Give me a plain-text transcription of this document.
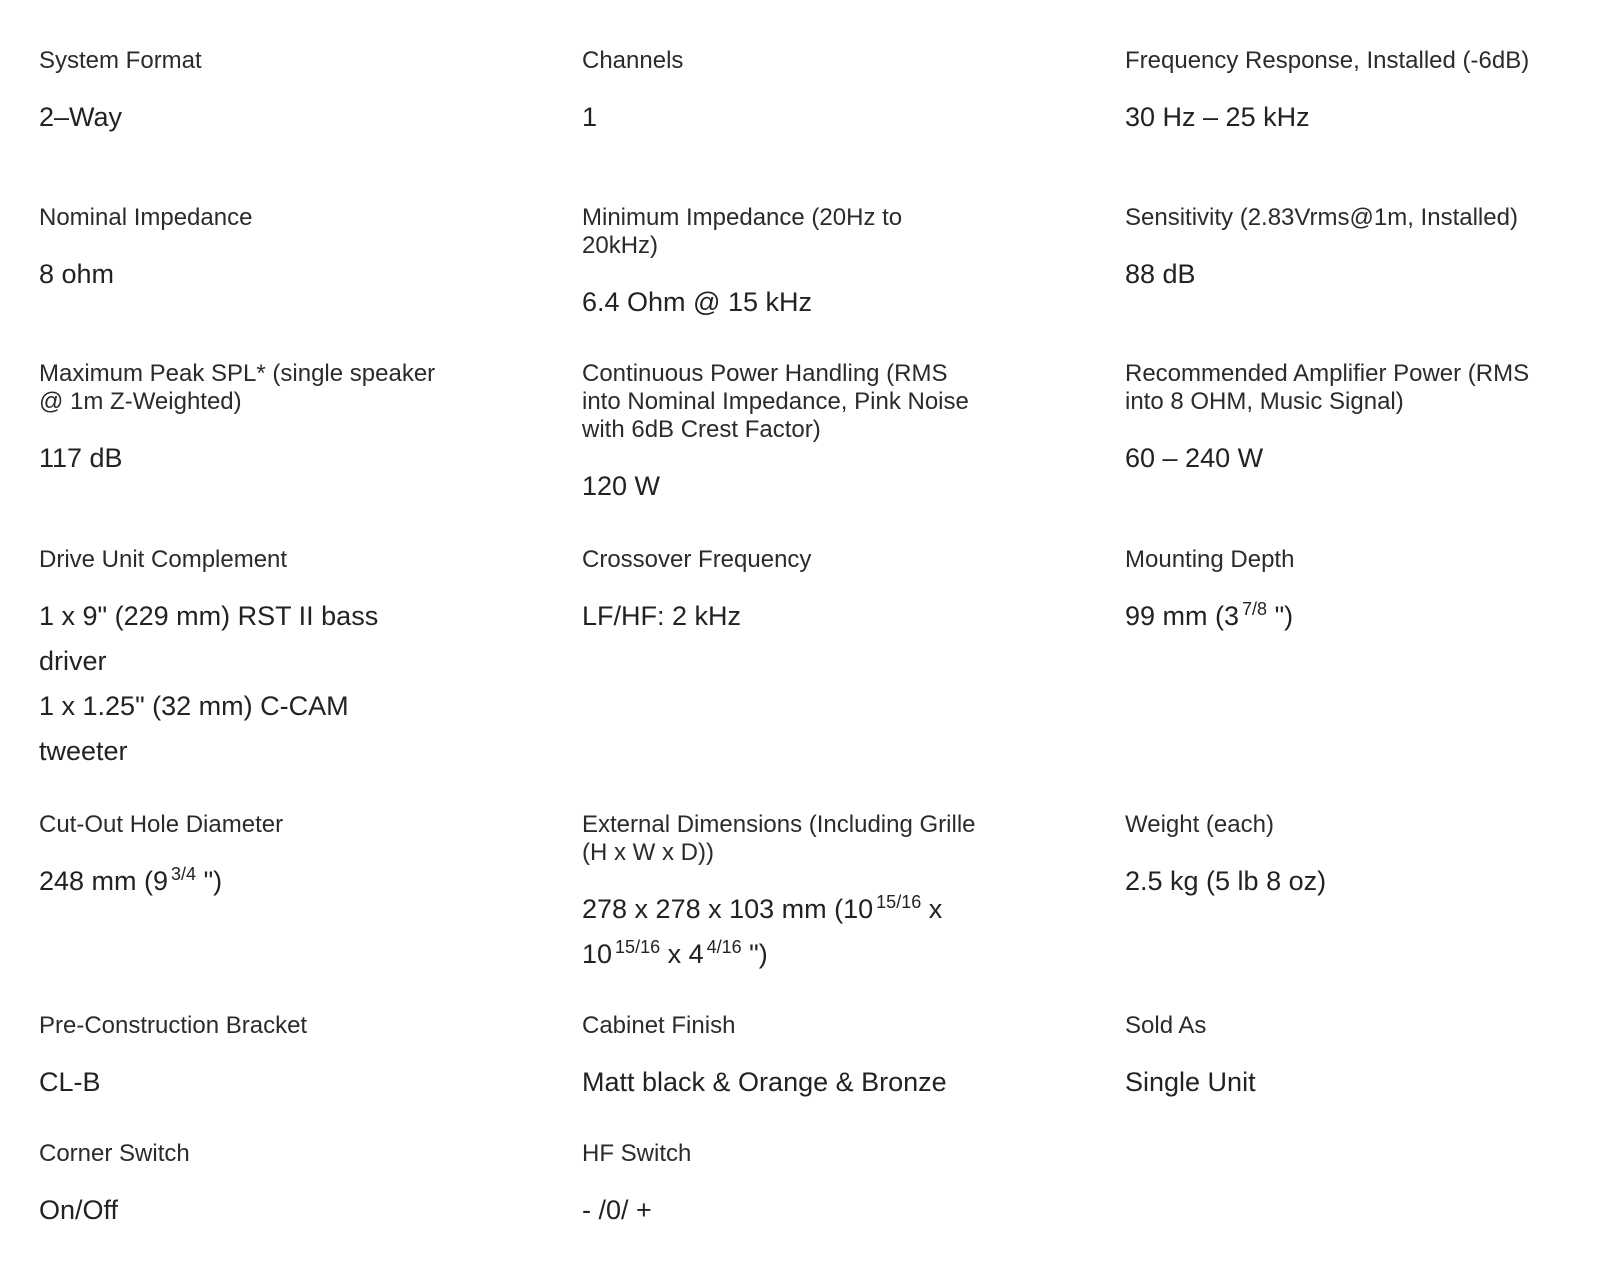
System Format
2–Way
Channels
1
Frequency Response, Installed (-6dB)
30 Hz – 25 kHz
Nominal Impedance
8 ohm
Minimum Impedance (20Hz to 20kHz)
6.4 Ohm @ 15 kHz
Sensitivity (2.83Vrms@1m, Installed)
88 dB
Maximum Peak SPL* (single speaker @ 1m Z-Weighted)
117 dB
Continuous Power Handling (RMS into Nominal Impedance, Pink Noise with 6dB Crest Factor)
120 W
Recommended Amplifier Power (RMS into 8 OHM, Music Signal)
60 – 240 W
Drive Unit Complement
1 x 9" (229 mm) RST II bass driver
1 x 1.25" (32 mm) C-CAM tweeter
Crossover Frequency
LF/HF: 2 kHz
Mounting Depth
99 mm (3 $^{7/8}$ ")
Cut-Out Hole Diameter
248 mm (9 $^{3/4}$ ")
External Dimensions (Including Grille (H x W x D))
278 x 278 x 103 mm (10 $^{15/16}$ x 10 $^{15/16}$ x 4 $^{4/16}$ ")
Weight (each)
2.5 kg (5 lb 8 oz)
Pre-Construction Bracket
CL-B
Cabinet Finish
Matt black & Orange & Bronze
Sold As
Single Unit
Corner Switch
On/Off
HF Switch
- /0/ +
